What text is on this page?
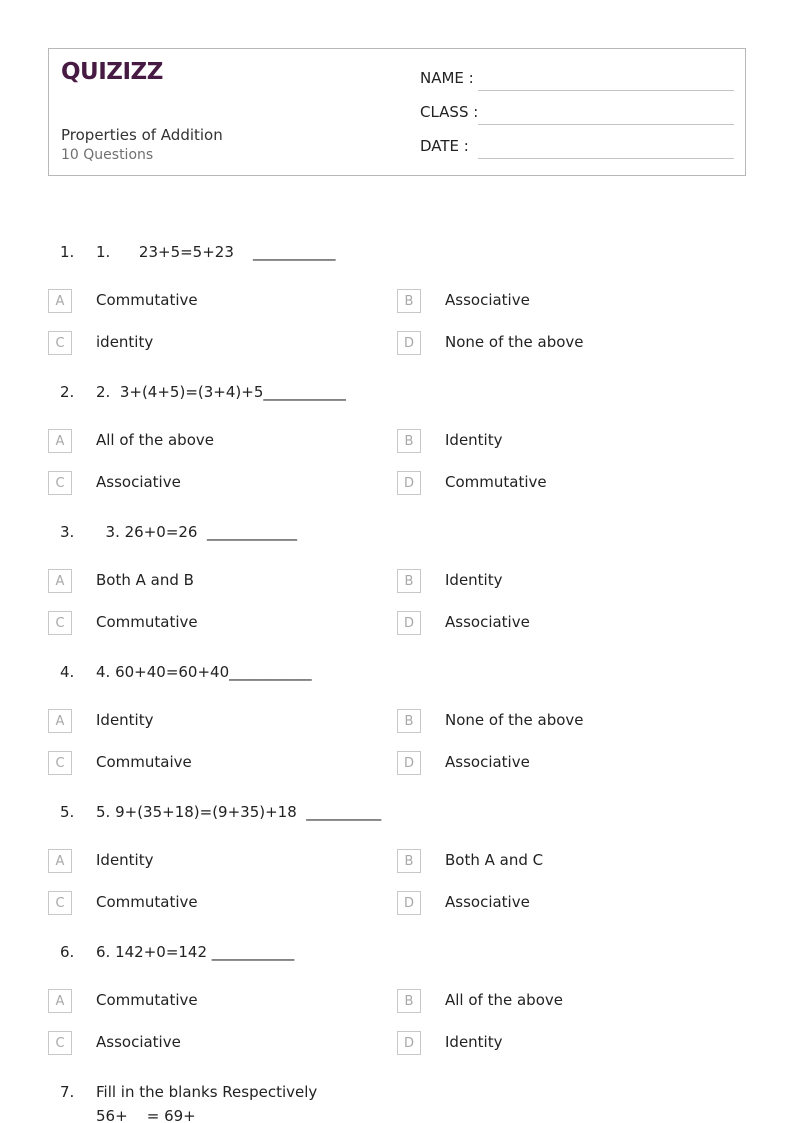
QUIZIZZ
Properties of Addition
10 Questions
NAME :
CLASS :
DATE :
1. 1.      23+5=5+23    ___________
A	Commutative	B	Associative
C	identity	D	None of the above
2. 2.  3+(4+5)=(3+4)+5___________
A	All of the above	B	Identity
C	Associative	D	Commutative
3. 3. 26+0=26  ____________
A	Both A and B	B	Identity
C	Commutative	D	Associative
4. 4. 60+40=60+40___________
A	Identity	B	None of the above
C	Commutaive	D	Associative
5. 5. 9+(35+18)=(9+35)+18  __________
A	Identity	B	Both A and C
C	Commutative	D	Associative
6. 6. 142+0=142 ___________
A	Commutative	B	All of the above
C	Associative	D	Identity
7. Fill in the blanks Respectively
56+    = 69+
